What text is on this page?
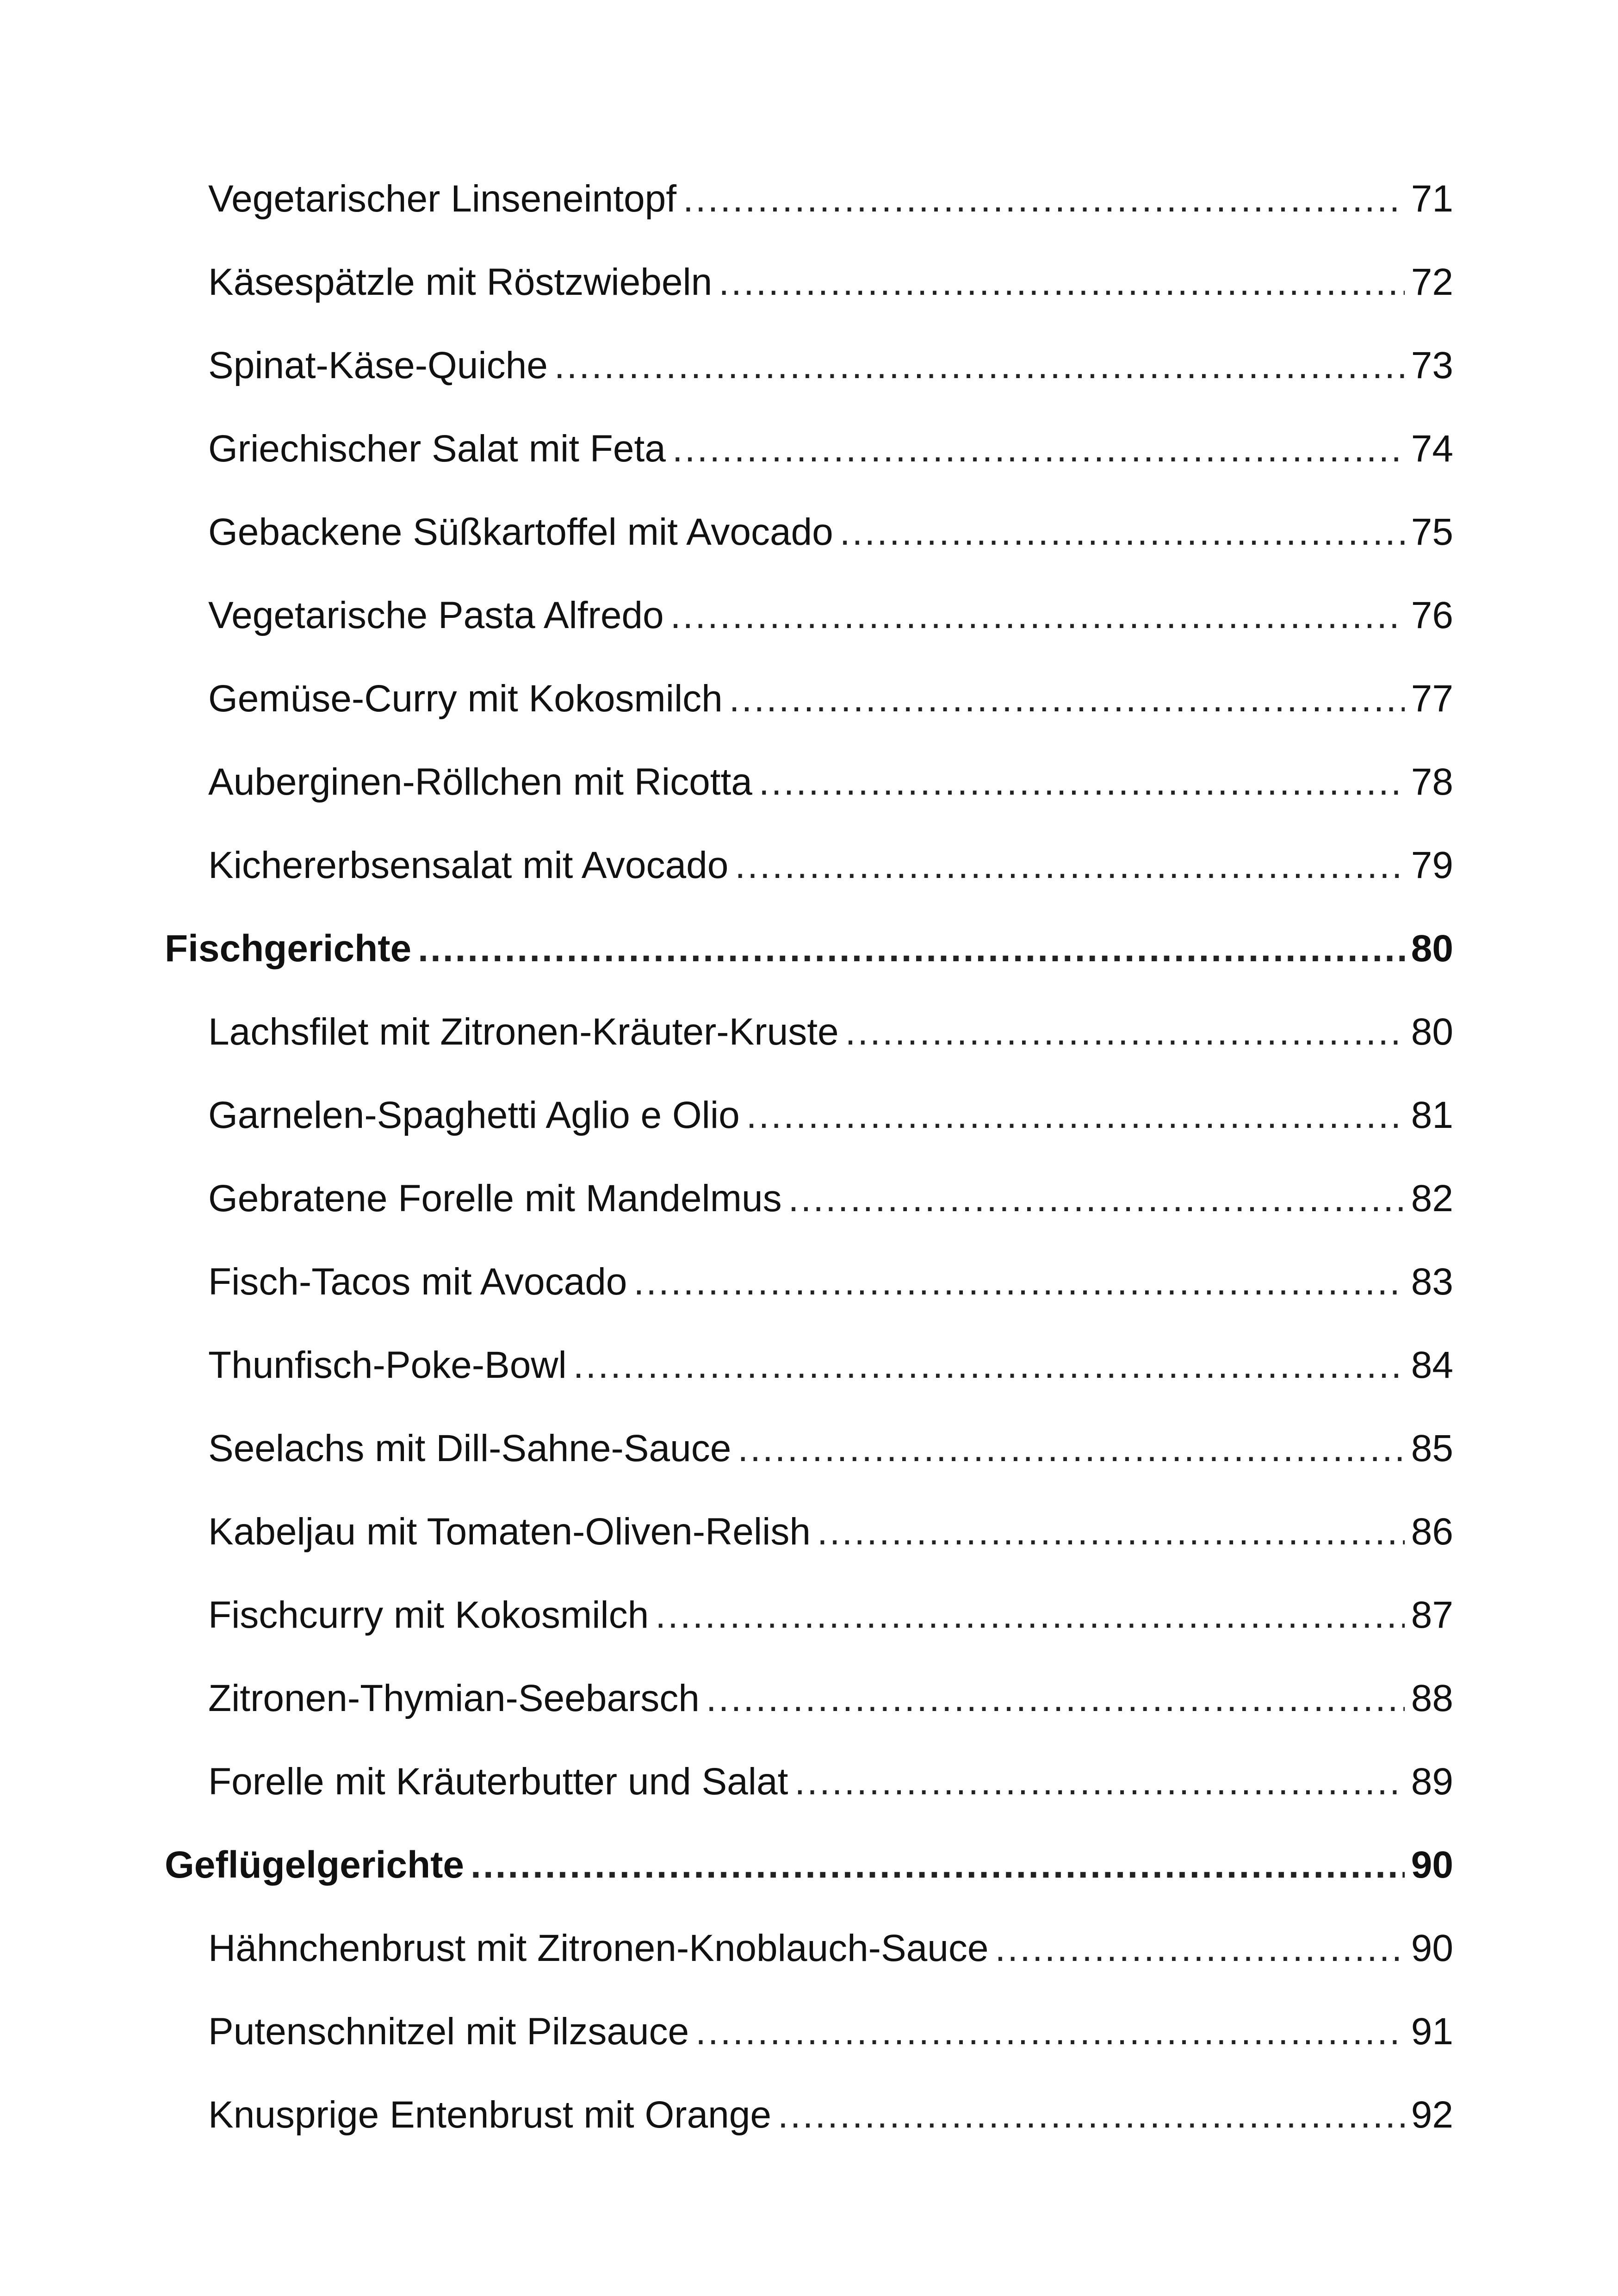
Vegetarischer Linseneintopf .....	71
Käsespätzle mit Röstzwiebeln .....	72
Spinat-Käse-Quiche .....	73
Griechischer Salat mit Feta .....	74
Gebackene Süßkartoffel mit Avocado .....	75
Vegetarische Pasta Alfredo .....	76
Gemüse-Curry mit Kokosmilch .....	77
Auberginen-Röllchen mit Ricotta .....	78
Kichererbsensalat mit Avocado .....	79
Fischgerichte .....	80
Lachsfilet mit Zitronen-Kräuter-Kruste .....	80
Garnelen-Spaghetti Aglio e Olio .....	81
Gebratene Forelle mit Mandelmus .....	82
Fisch-Tacos mit Avocado .....	83
Thunfisch-Poke-Bowl .....	84
Seelachs mit Dill-Sahne-Sauce .....	85
Kabeljau mit Tomaten-Oliven-Relish .....	86
Fischcurry mit Kokosmilch .....	87
Zitronen-Thymian-Seebarsch .....	88
Forelle mit Kräuterbutter und Salat .....	89
Geflügelgerichte .....	90
Hähnchenbrust mit Zitronen-Knoblauch-Sauce .....	90
Putenschnitzel mit Pilzsauce .....	91
Knusprige Entenbrust mit Orange .....	92
